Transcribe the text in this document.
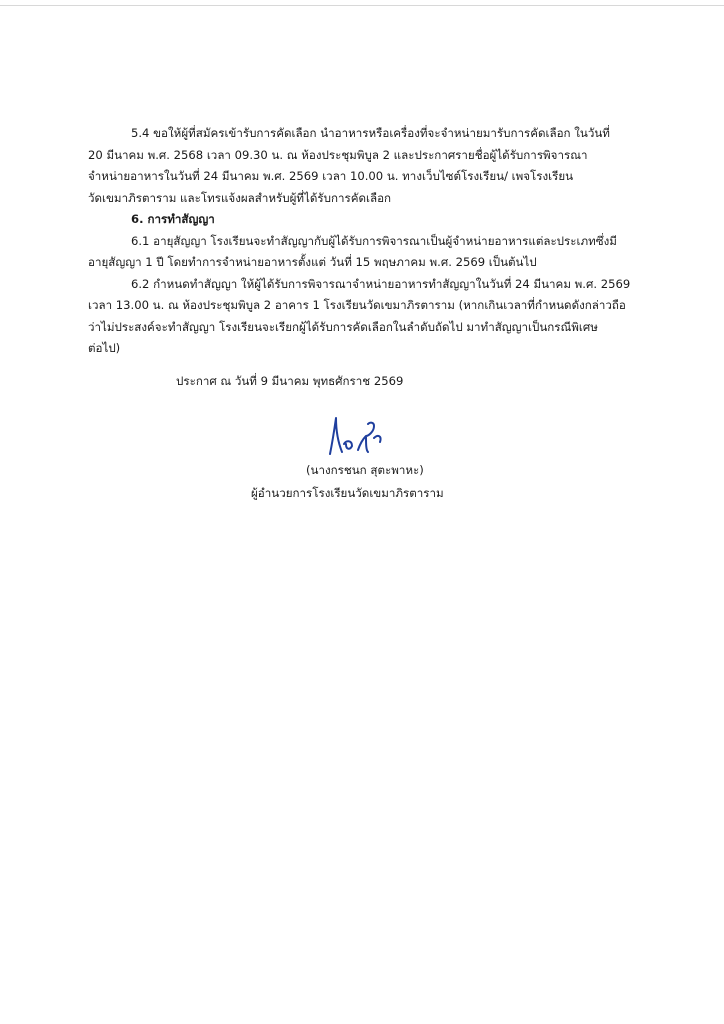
5.4 ขอให้ผู้ที่สมัครเข้ารับการคัดเลือก นำอาหารหรือเครื่องที่จะจำหน่ายมารับการคัดเลือก ในวันที่
20 มีนาคม พ.ศ. 2568 เวลา 09.30 น. ณ ห้องประชุมพิบูล 2 และประกาศรายชื่อผู้ได้รับการพิจารณา
จำหน่ายอาหารในวันที่ 24 มีนาคม พ.ศ. 2569 เวลา 10.00 น. ทางเว็บไซต์โรงเรียน/ เพจโรงเรียน
วัดเขมาภิรตาราม และโทรแจ้งผลสำหรับผู้ที่ได้รับการคัดเลือก
6. การทำสัญญา
6.1 อายุสัญญา โรงเรียนจะทำสัญญากับผู้ได้รับการพิจารณาเป็นผู้จำหน่ายอาหารแต่ละประเภทซึ่งมี
อายุสัญญา 1 ปี โดยทำการจำหน่ายอาหารตั้งแต่ วันที่ 15 พฤษภาคม พ.ศ. 2569 เป็นต้นไป
6.2 กำหนดทำสัญญา ให้ผู้ได้รับการพิจารณาจำหน่ายอาหารทำสัญญาในวันที่ 24 มีนาคม พ.ศ. 2569
เวลา 13.00 น. ณ ห้องประชุมพิบูล 2 อาคาร 1 โรงเรียนวัดเขมาภิรตาราม (หากเกินเวลาที่กำหนดดังกล่าวถือ
ว่าไม่ประสงค์จะทำสัญญา โรงเรียนจะเรียกผู้ได้รับการคัดเลือกในลำดับถัดไป มาทำสัญญาเป็นกรณีพิเศษ
ต่อไป)
ประกาศ ณ วันที่ 9 มีนาคม พุทธศักราช 2569
(นางกรชนก สุตะพาหะ)
ผู้อำนวยการโรงเรียนวัดเขมาภิรตาราม
